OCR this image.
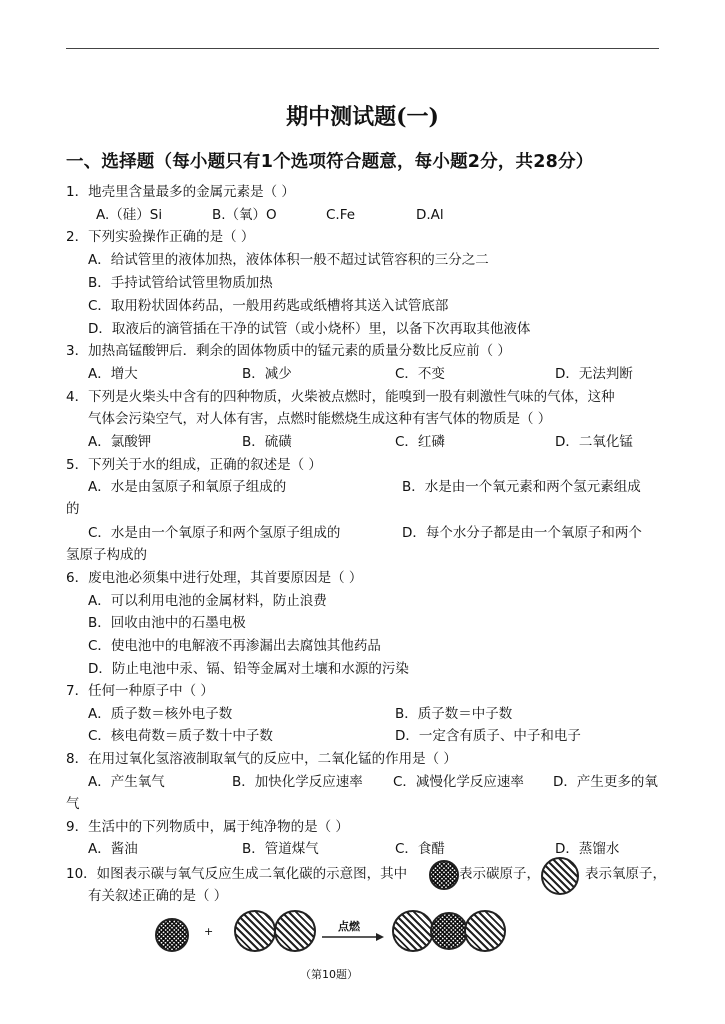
期中测试题(一)
一、选择题（每小题只有1个选项符合题意，每小题2分，共28分）
1．地壳里含量最多的金属元素是（ ）
A.（硅）Si	B.（氧）O	C.Fe	D.Al
2．下列实验操作正确的是（ ）
A．给试管里的液体加热，液体体积一般不超过试管容积的三分之二
B．手持试管给试管里物质加热
C．取用粉状固体药品，一般用药匙或纸槽将其送入试管底部
D．取液后的滴管插在干净的试管（或小烧杯）里，以备下次再取其他液体
3．加热高锰酸钾后．剩余的固体物质中的锰元素的质量分数比反应前（ ）
A．增大	B．减少	C．不变	D．无法判断
4．下列是火柴头中含有的四种物质，火柴被点燃时，能嗅到一股有刺激性气味的气体，这种
气体会污染空气，对人体有害，点燃时能燃烧生成这种有害气体的物质是（ ）
A．氯酸钾	B．硫磺	C．红磷	D．二氧化锰
5．下列关于水的组成，正确的叙述是（ ）
A．水是由氢原子和氧原子组成的	B．水是由一个氧元素和两个氢元素组成
的
C．水是由一个氧原子和两个氢原子组成的	D．每个水分子都是由一个氧原子和两个
氢原子构成的
6．废电池必须集中进行处理，其首要原因是（ ）
A．可以利用电池的金属材料，防止浪费
B．回收由池中的石墨电极
C．使电池中的电解液不再渗漏出去腐蚀其他药品
D．防止电池中汞、镉、铅等金属对土壤和水源的污染
7．任何一种原子中（ ）
A．质子数＝核外电子数	B．质子数＝中子数
C．核电荷数＝质子数十中子数	D．一定含有质子、中子和电子
8．在用过氧化氢溶液制取氧气的反应中，二氧化锰的作用是（ ）
A．产生氧气	B．加快化学反应速率 C．减慢化学反应速率 D．产生更多的氧
气
9．生活中的下列物质中，属于纯净物的是（ ）
A．酱油	B．管道煤气	C．食醋	D．蒸馏水
10．如图表示碳与氧气反应生成二氧化碳的示意图，其中	表示碳原子，	表示氧原子，
有关叙述正确的是（ ）
+	点燃
（第10题）
